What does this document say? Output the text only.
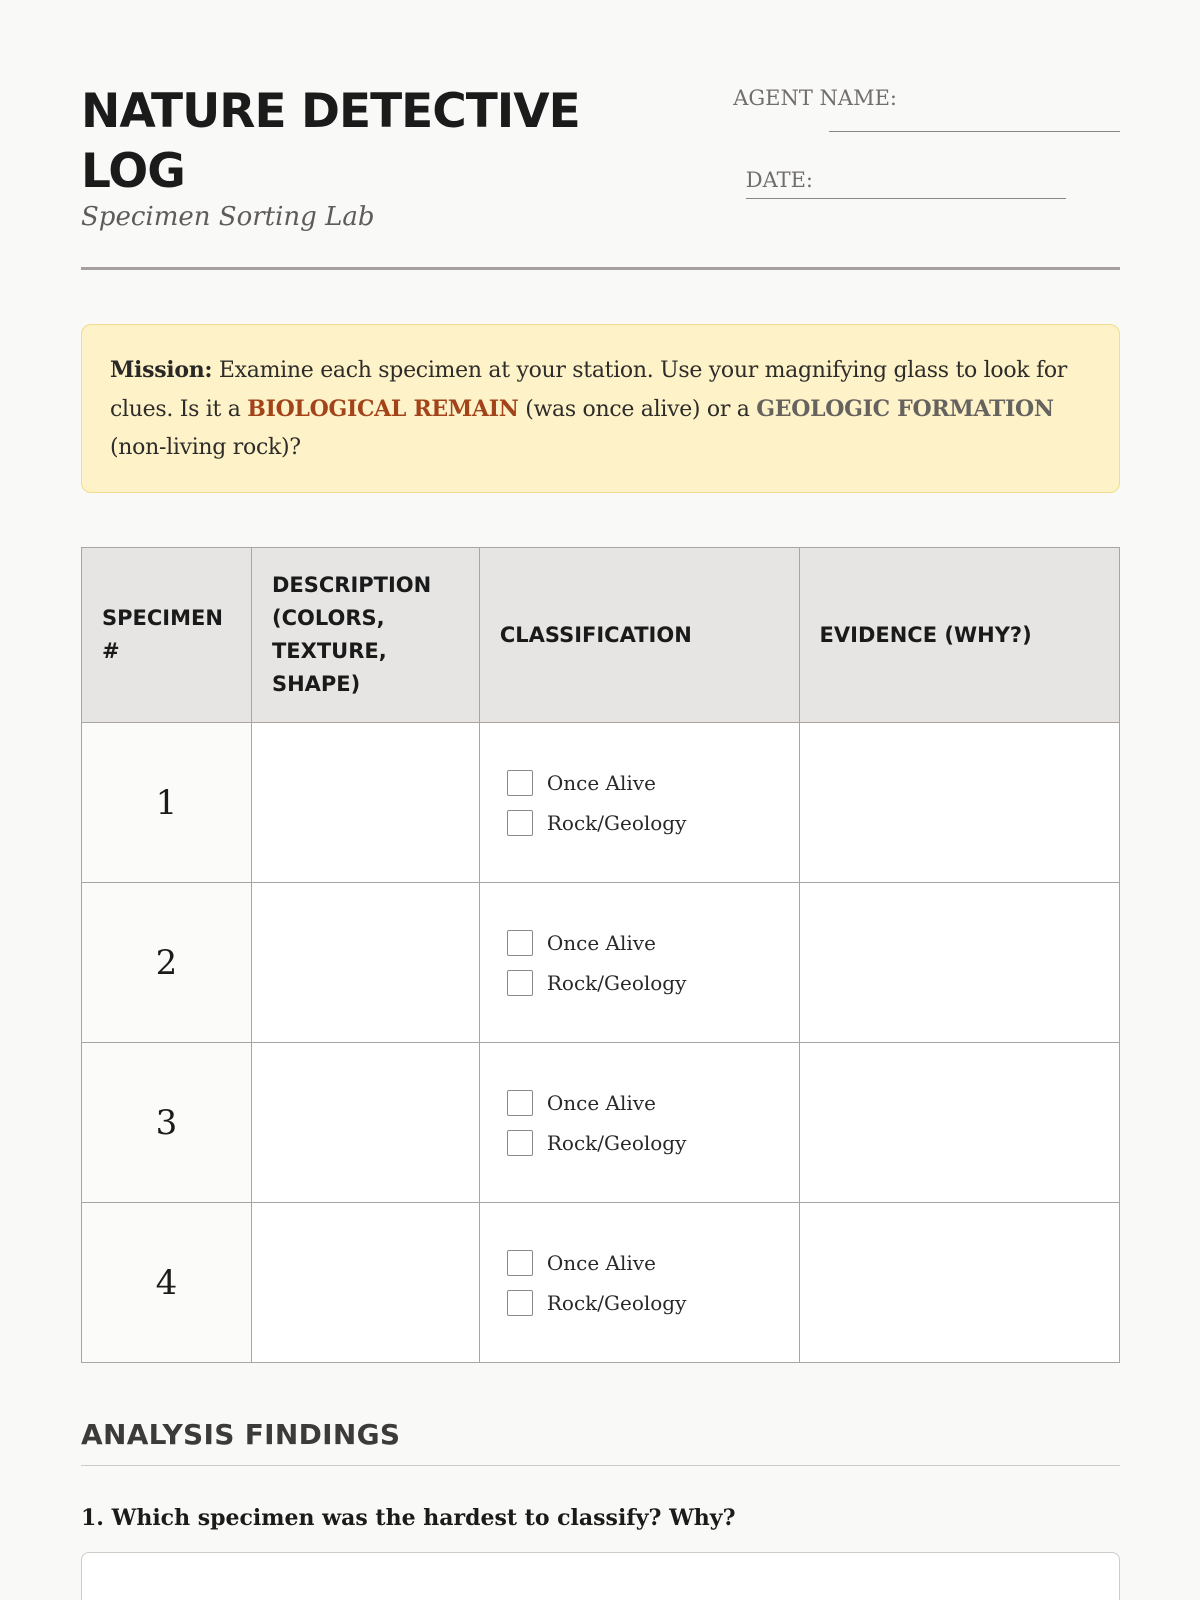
NATURE DETECTIVE LOG
Specimen Sorting Lab
AGENT NAME:
DATE:
Mission: Examine each specimen at your station. Use your magnifying glass to look for clues. Is it a BIOLOGICAL REMAIN (was once alive) or a GEOLOGIC FORMATION (non-living rock)?
SPECIMEN #	DESCRIPTION (COLORS, TEXTURE, SHAPE)	CLASSIFICATION	EVIDENCE (WHY?)
1		Once Alive
Rock/Geology	

2		Once Alive
Rock/Geology	

3		Once Alive
Rock/Geology	

4		Once Alive
Rock/Geology	

ANALYSIS FINDINGS
1. Which specimen was the hardest to classify? Why?
